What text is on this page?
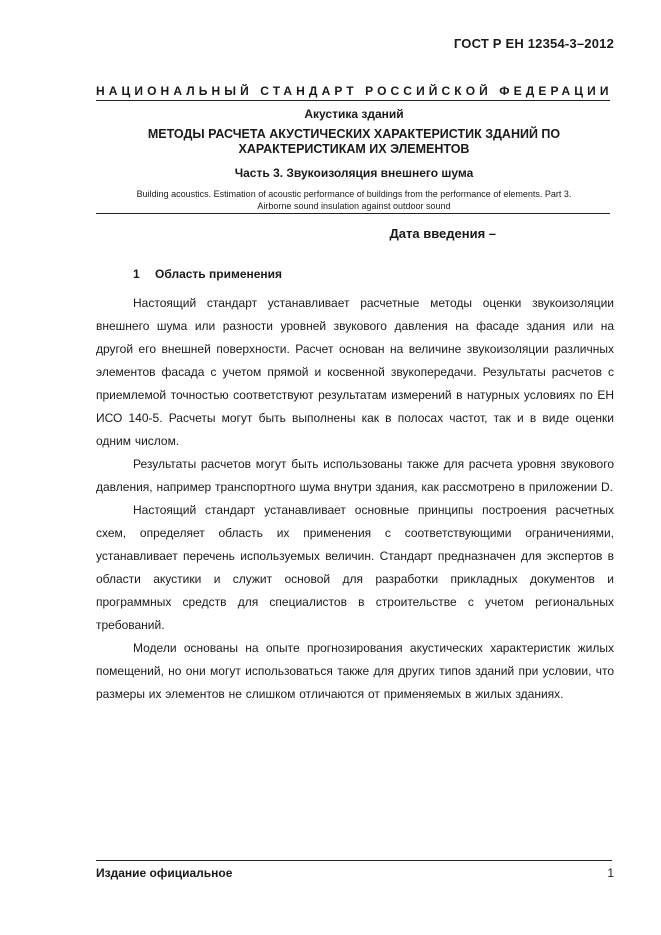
ГОСТ Р ЕН 12354-3–2012
НАЦИОНАЛЬНЫЙ СТАНДАРТ РОССИЙСКОЙ ФЕДЕРАЦИИ
Акустика зданий
МЕТОДЫ РАСЧЕТА АКУСТИЧЕСКИХ ХАРАКТЕРИСТИК ЗДАНИЙ ПО ХАРАКТЕРИСТИКАМ ИХ ЭЛЕМЕНТОВ
Часть 3. Звукоизоляция внешнего шума
Building acoustics. Estimation of acoustic performance of buildings from the performance of elements. Part 3.
Airborne sound insulation against outdoor sound
Дата введения –
1 Область применения

Настоящий стандарт устанавливает расчетные методы оценки звукоизоляции внешнего шума или разности уровней звукового давления на фасаде здания или на другой его внешней поверхности. Расчет основан на величине звукоизоляции различных элементов фасада с учетом прямой и косвенной звукопередачи. Результаты расчетов с приемлемой точностью соответствуют результатам измерений в натурных условиях по ЕН ИСО 140-5. Расчеты могут быть выполнены как в полосах частот, так и в виде оценки одним числом.

Результаты расчетов могут быть использованы также для расчета уровня звукового давления, например транспортного шума внутри здания, как рассмотрено в приложении D.

Настоящий стандарт устанавливает основные принципы построения расчетных схем, определяет область их применения с соответствующими ограничениями, устанавливает перечень используемых величин. Стандарт предназначен для экспертов в области акустики и служит основой для разработки прикладных документов и программных средств для специалистов в строительстве с учетом региональных требований.

Модели основаны на опыте прогнозирования акустических характеристик жилых помещений, но они могут использоваться также для других типов зданий при условии, что размеры их элементов не слишком отличаются от применяемых в жилых зданиях.

Издание официальное	1
